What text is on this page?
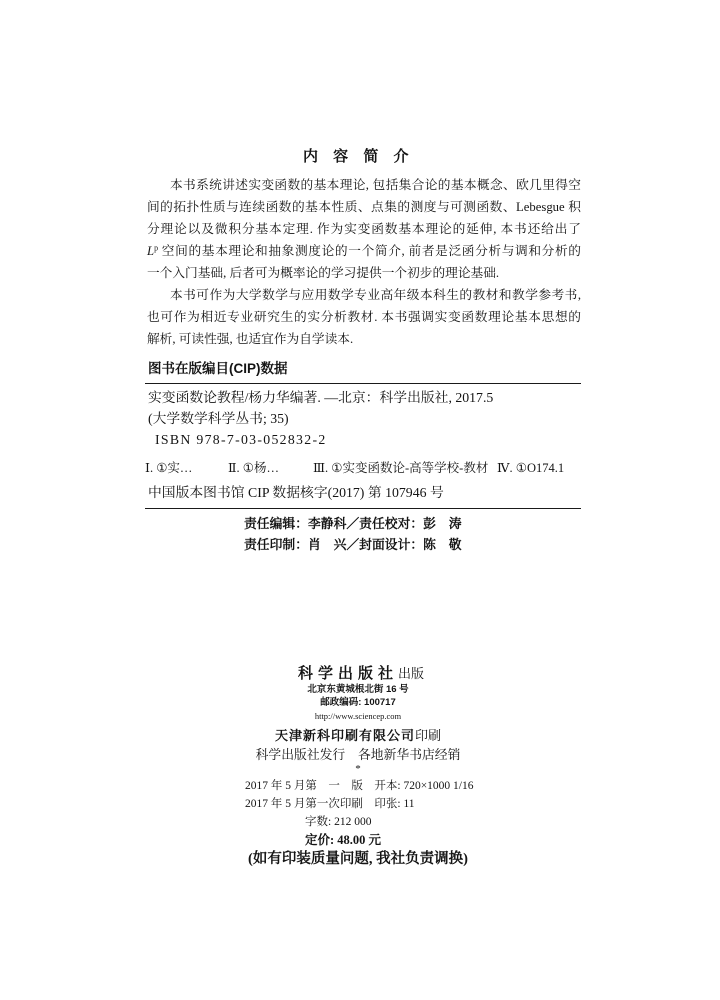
内 容 简 介
本书系统讲述实变函数的基本理论, 包括集合论的基本概念、欧几里得空
间的拓扑性质与连续函数的基本性质、点集的测度与可测函数、Lebesgue 积
分理论以及微积分基本定理. 作为实变函数基本理论的延伸, 本书还给出了
$L^p$ 空间的基本理论和抽象测度论的一个简介, 前者是泛函分析与调和分析的
一个入门基础, 后者可为概率论的学习提供一个初步的理论基础.
本书可作为大学数学与应用数学专业高年级本科生的教材和教学参考书,
也可作为相近专业研究生的实分析教材. 本书强调实变函数理论基本思想的
解析, 可读性强, 也适宜作为自学读本.
图书在版编目(CIP)数据
实变函数论教程/杨力华编著. —北京：科学出版社, 2017.5
(大学数学科学丛书; 35)
ISBN 978-7-03-052832-2
Ⅰ. ①实…	Ⅱ. ①杨…	Ⅲ. ①实变函数论-高等学校-教材 Ⅳ. ①O174.1
中国版本图书馆 CIP 数据核字(2017) 第 107946 号
责任编辑：李静科／责任校对：彭　涛
责任印制：肖　兴／封面设计：陈　敬
科学出版社出版
北京东黄城根北街 16 号
邮政编码: 100717
http://www.sciencep.com
天津新科印刷有限公司印刷
科学出版社发行　各地新华书店经销
*
2017 年 5 月第　一　版　开本: 720×1000 1/16
2017 年 5 月第一次印刷　印张: 11
字数: 212 000
定价: 48.00 元
(如有印装质量问题, 我社负责调换)
